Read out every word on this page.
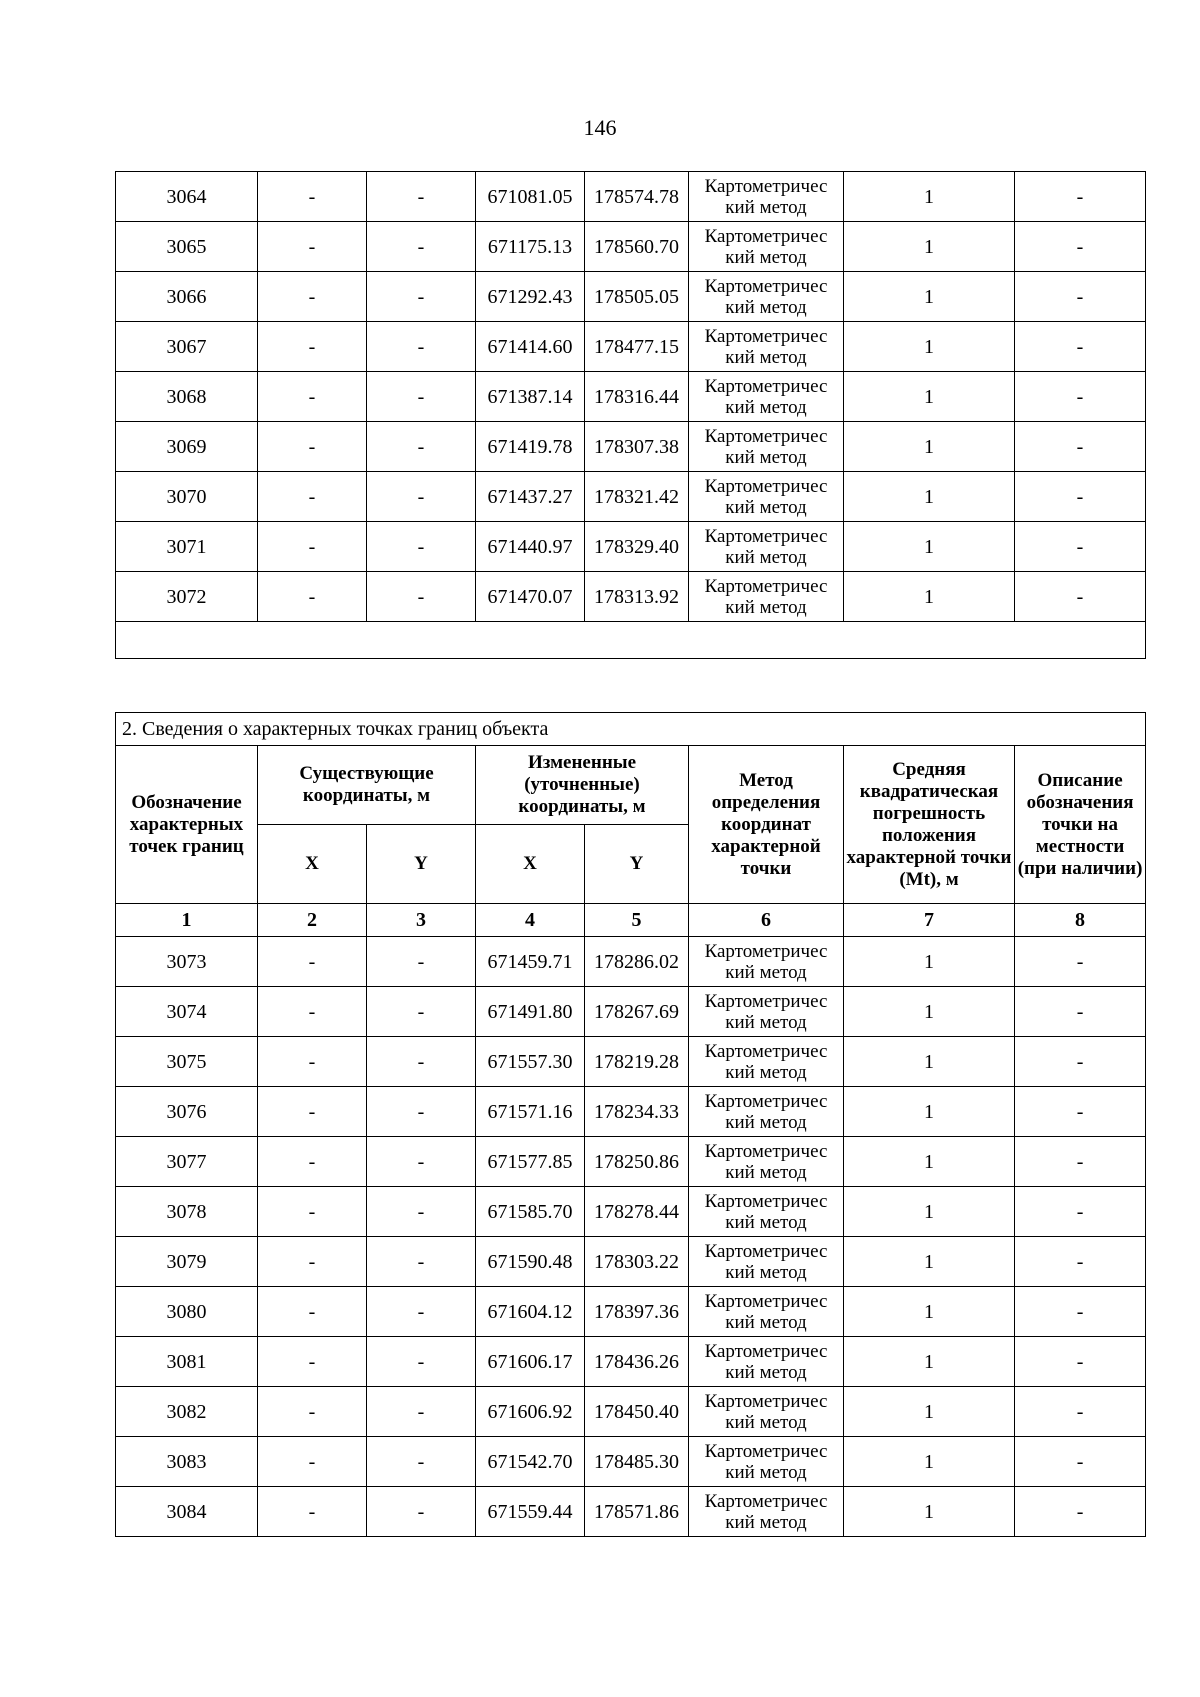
146
3064	-	-	671081.05	178574.78	Картометричес кий метод	1	-
3065	-	-	671175.13	178560.70	Картометричес кий метод	1	-
3066	-	-	671292.43	178505.05	Картометричес кий метод	1	-
3067	-	-	671414.60	178477.15	Картометричес кий метод	1	-
3068	-	-	671387.14	178316.44	Картометричес кий метод	1	-
3069	-	-	671419.78	178307.38	Картометричес кий метод	1	-
3070	-	-	671437.27	178321.42	Картометричес кий метод	1	-
3071	-	-	671440.97	178329.40	Картометричес кий метод	1	-
3072	-	-	671470.07	178313.92	Картометричес кий метод	1	-

2. Сведения о характерных точках границ объекта							
Обозначение характерных точек границ	Существующие координаты, м		Измененные (уточненные) координаты, м		Метод определения координат характерной точки	Средняя квадратическая погрешность положения характерной точки (Mt), м	Описание обозначения точки на местности (при наличии)
	X	Y	X	Y			
1	2	3	4	5	6	7	8
3073	-	-	671459.71	178286.02	Картометричес кий метод	1	-
3074	-	-	671491.80	178267.69	Картометричес кий метод	1	-
3075	-	-	671557.30	178219.28	Картометричес кий метод	1	-
3076	-	-	671571.16	178234.33	Картометричес кий метод	1	-
3077	-	-	671577.85	178250.86	Картометричес кий метод	1	-
3078	-	-	671585.70	178278.44	Картометричес кий метод	1	-
3079	-	-	671590.48	178303.22	Картометричес кий метод	1	-
3080	-	-	671604.12	178397.36	Картометричес кий метод	1	-
3081	-	-	671606.17	178436.26	Картометричес кий метод	1	-
3082	-	-	671606.92	178450.40	Картометричес кий метод	1	-
3083	-	-	671542.70	178485.30	Картометричес кий метод	1	-
3084	-	-	671559.44	178571.86	Картометричес кий метод	1	-
